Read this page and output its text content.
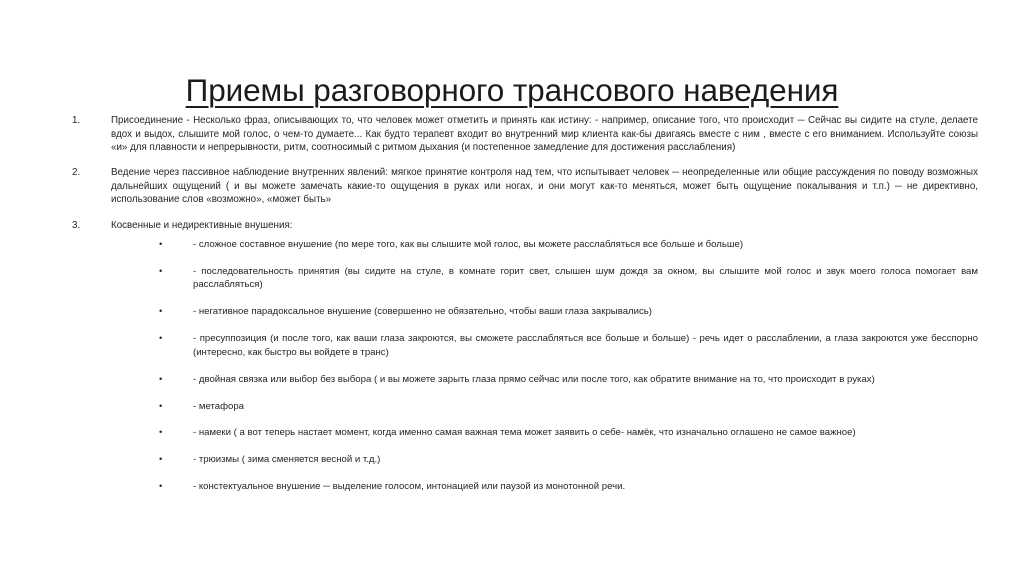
Приемы разговорного трансового наведения
1.	Присоединение - Несколько фраз, описывающих то, что человек может отметить и принять как истину: - например, описание того, что происходит ─ Сейчас вы сидите на стуле, делаете вдох и выдох, слышите мой голос, о чем-то думаете... Как будто терапевт входит во внутренний мир клиента как-бы двигаясь вместе с ним , вместе с его вниманием. Используйте союзы «и» для плавности и непрерывности, ритм, соотносимый с ритмом дыхания (и постепенное замедление для достижения расслабления)
2.	Ведение через пассивное наблюдение внутренних явлений: мягкое принятие контроля над тем, что испытывает человек ─ неопределенные или общие рассуждения по поводу возможных дальнейших ощущений ( и вы можете замечать какие-то ощущения в руках или ногах, и они могут как-то меняться, может быть ощущение покалывания и т.п.) ─ не директивно, использование слов «возможно», «может быть»
3.	Косвенные и недирективные внушения:
•	- сложное составное внушение (по мере того, как вы слышите мой голос, вы можете расслабляться все больше и больше)
•	- последовательность принятия (вы сидите на стуле, в комнате горит свет, слышен шум дождя за окном, вы слышите мой голос и звук моего голоса помогает вам расслабляться)
•	- негативное парадоксальное внушение (совершенно не обязательно, чтобы ваши глаза закрывались)
•	- пресуппозиция (и после того, как ваши глаза закроются, вы сможете расслабляться все больше и больше) - речь идет о расслаблении, а глаза закроются уже бесспорно (интересно, как быстро вы войдете в транс)
•	- двойная связка или выбор без выбора ( и вы можете зарыть глаза прямо сейчас или после того, как обратите внимание на то, что происходит в руках)
•	- метафора
•	- намеки ( а вот теперь настает момент, когда именно самая важная тема может заявить о себе- намёк, что изначально оглашено не самое важное)
•	- трюизмы ( зима сменяется весной и т.д.)
•	- констектуальное внушение ─ выделение голосом, интонацией или паузой из монотонной речи.
